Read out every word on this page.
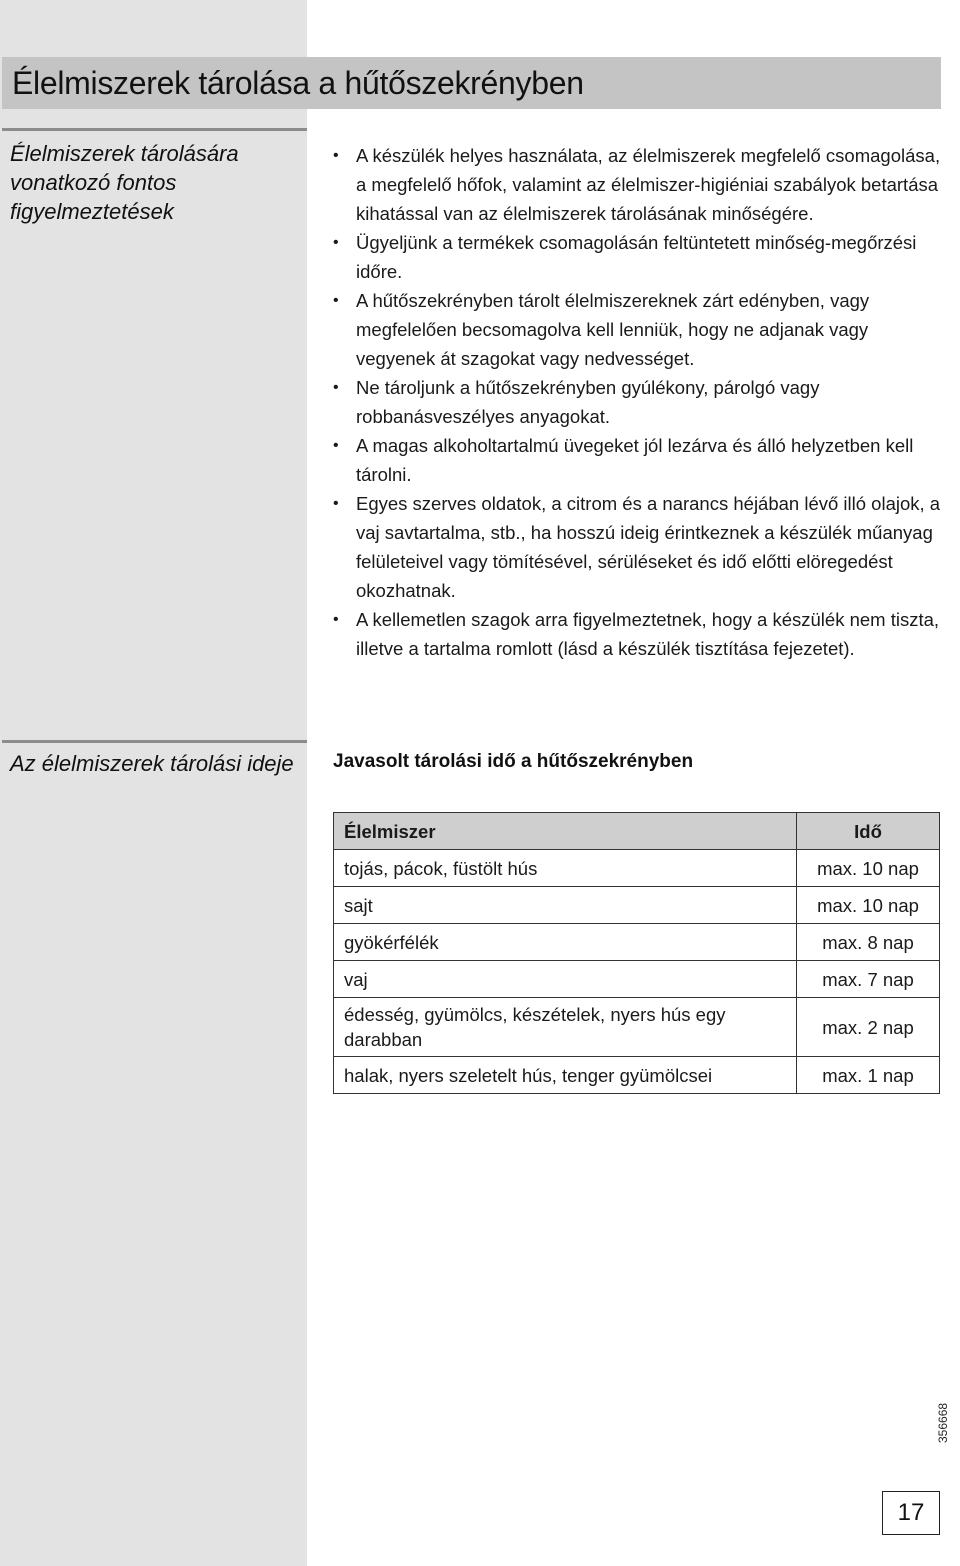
Élelmiszerek tárolása a hűtőszekrényben
Élelmiszerek tárolására vonatkozó fontos figyelmeztetések
• A készülék helyes használata, az élelmiszerek megfelelő csomagolása, a megfelelő hőfok, valamint az élelmiszer-higiéniai szabályok betartása kihatással van az élelmiszerek tárolásának minőségére.
• Ügyeljünk a termékek csomagolásán feltüntetett minőség-megőrzési időre.
• A hűtőszekrényben tárolt élelmiszereknek zárt edényben, vagy megfelelően becsomagolva kell lenniük, hogy ne adjanak vagy vegyenek át szagokat vagy nedvességet.
• Ne tároljunk a hűtőszekrényben gyúlékony, párolgó vagy robbanásveszélyes anyagokat.
• A magas alkoholtartalmú üvegeket jól lezárva és álló helyzetben kell tárolni.
• Egyes szerves oldatok, a citrom és a narancs héjában lévő illó olajok, a vaj savtartalma, stb., ha hosszú ideig érintkeznek a készülék műanyag felületeivel vagy tömítésével, sérüléseket és idő előtti elöregedést okozhatnak.
• A kellemetlen szagok arra figyelmeztetnek, hogy a készülék nem tiszta, illetve a tartalma romlott (lásd a készülék tisztítása fejezetet).
Az élelmiszerek tárolási ideje	Javasolt tárolási idő a hűtőszekrényben
Élelmiszer	Idő
tojás, pácok, füstölt hús	max. 10 nap
sajt	max. 10 nap
gyökérfélék	max. 8 nap
vaj	max. 7 nap
édesség, gyümölcs, készételek, nyers hús egy darabban	max. 2 nap
halak, nyers szeletelt hús, tenger gyümölcsei	max. 1 nap
356668
17
